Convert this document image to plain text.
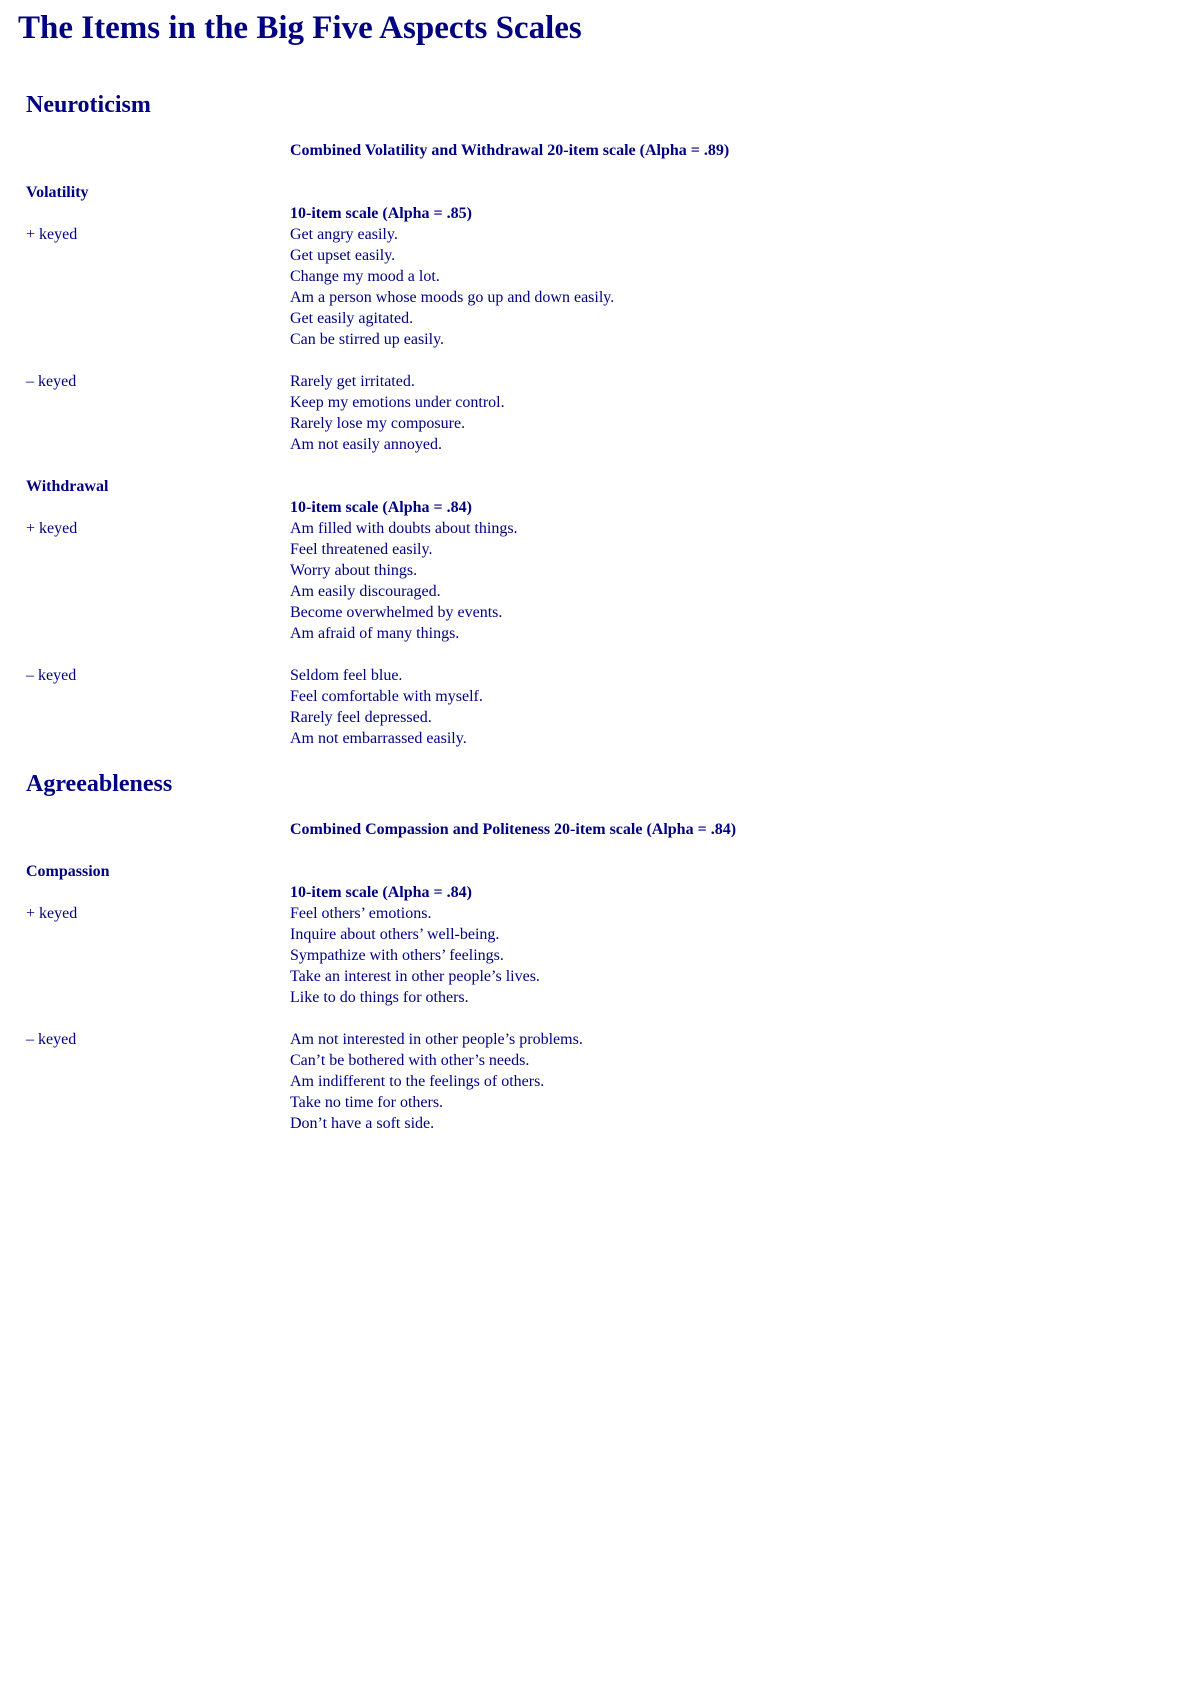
The Items in the Big Five Aspects Scales
Neuroticism
Combined Volatility and Withdrawal 20-item scale (Alpha = .89)
Volatility
10-item scale (Alpha = .85)
+ keyed	Get angry easily.
Get upset easily.
Change my mood a lot.
Am a person whose moods go up and down easily.
Get easily agitated.
Can be stirred up easily.
– keyed	Rarely get irritated.
Keep my emotions under control.
Rarely lose my composure.
Am not easily annoyed.
Withdrawal
10-item scale (Alpha = .84)
+ keyed	Am filled with doubts about things.
Feel threatened easily.
Worry about things.
Am easily discouraged.
Become overwhelmed by events.
Am afraid of many things.
– keyed	Seldom feel blue.
Feel comfortable with myself.
Rarely feel depressed.
Am not embarrassed easily.
Agreeableness
Combined Compassion and Politeness 20-item scale (Alpha = .84)
Compassion
10-item scale (Alpha = .84)
+ keyed	Feel others’ emotions.
Inquire about others’ well-being.
Sympathize with others’ feelings.
Take an interest in other people’s lives.
Like to do things for others.
– keyed	Am not interested in other people’s problems.
Can’t be bothered with other’s needs.
Am indifferent to the feelings of others.
Take no time for others.
Don’t have a soft side.
